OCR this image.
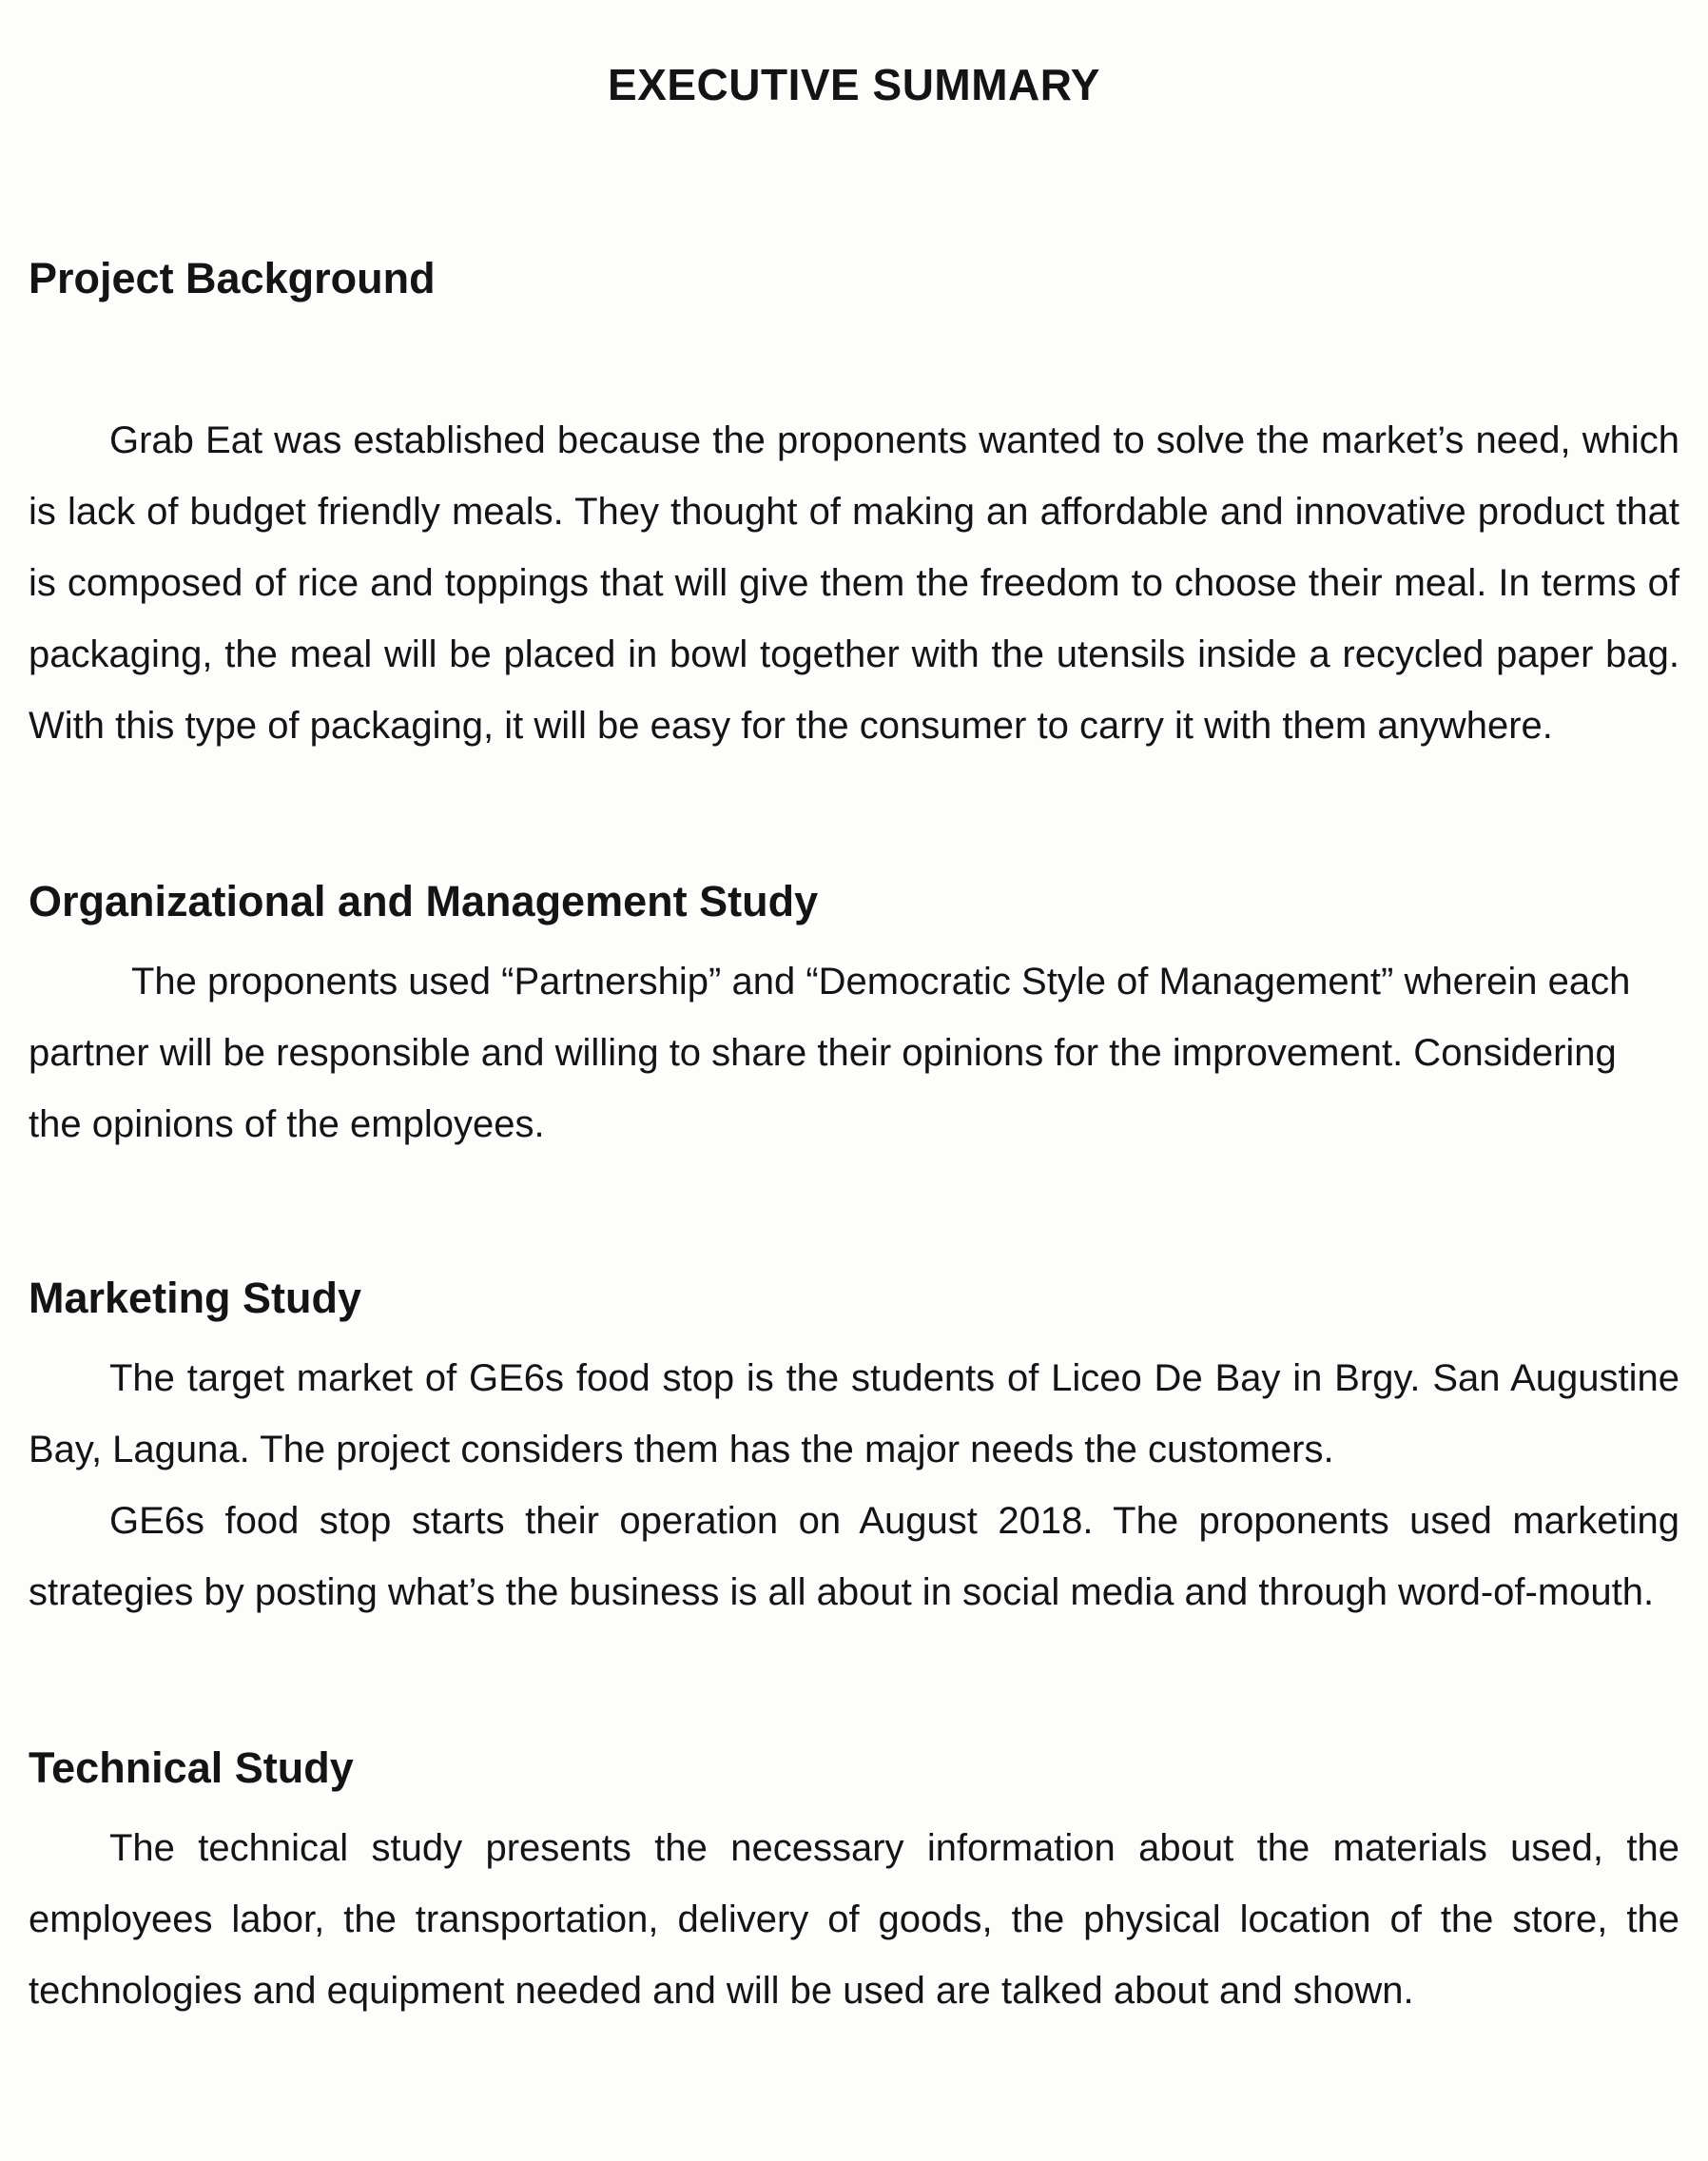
EXECUTIVE SUMMARY
Project Background

Grab Eat was established because the proponents wanted to solve the market’s need, which is lack of budget friendly meals. They thought of making an affordable and innovative product that is composed of rice and toppings that will give them the freedom to choose their meal. In terms of packaging, the meal will be placed in bowl together with the utensils inside a recycled paper bag. With this type of packaging, it will be easy for the consumer to carry it with them anywhere.

Organizational and Management Study

The proponents used “Partnership” and “Democratic Style of Management” wherein each partner will be responsible and willing to share their opinions for the improvement. Considering the opinions of the employees.

Marketing Study

The target market of GE6s food stop is the students of Liceo De Bay in Brgy. San Augustine Bay, Laguna. The project considers them has the major needs the customers.

GE6s food stop starts their operation on August 2018. The proponents used marketing strategies by posting what’s the business is all about in social media and through word-of-mouth.

Technical Study

The technical study presents the necessary information about the materials used, the employees labor, the transportation, delivery of goods, the physical location of the store, the technologies and equipment needed and will be used are talked about and shown.
